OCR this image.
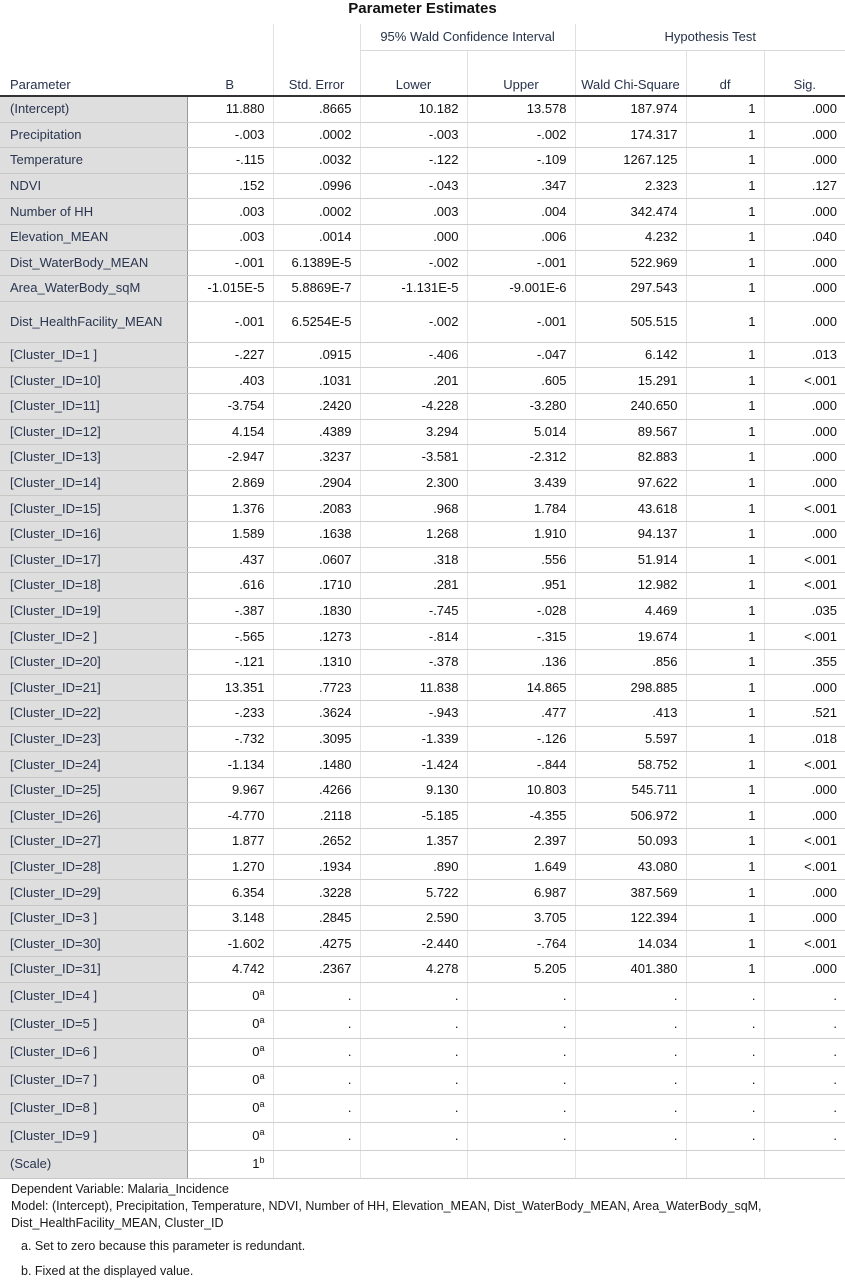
Parameter Estimates
			95% Wald Confidence Interval		Hypothesis Test		
Parameter	B	Std. Error	Lower	Upper	Wald Chi-Square	df	Sig.
(Intercept)	11.880	.8665	10.182	13.578	187.974	1	.000
Precipitation	-.003	.0002	-.003	-.002	174.317	1	.000
Temperature	-.115	.0032	-.122	-.109	1267.125	1	.000
NDVI	.152	.0996	-.043	.347	2.323	1	.127
Number of HH	.003	.0002	.003	.004	342.474	1	.000
Elevation_MEAN	.003	.0014	.000	.006	4.232	1	.040
Dist_WaterBody_MEAN	-.001	6.1389E-5	-.002	-.001	522.969	1	.000
Area_WaterBody_sqM	-1.015E-5	5.8869E-7	-1.131E-5	-9.001E-6	297.543	1	.000
Dist_HealthFacility_MEAN	-.001	6.5254E-5	-.002	-.001	505.515	1	.000
[Cluster_ID=1 ]	-.227	.0915	-.406	-.047	6.142	1	.013
[Cluster_ID=10]	.403	.1031	.201	.605	15.291	1	<.001
[Cluster_ID=11]	-3.754	.2420	-4.228	-3.280	240.650	1	.000
[Cluster_ID=12]	4.154	.4389	3.294	5.014	89.567	1	.000
[Cluster_ID=13]	-2.947	.3237	-3.581	-2.312	82.883	1	.000
[Cluster_ID=14]	2.869	.2904	2.300	3.439	97.622	1	.000
[Cluster_ID=15]	1.376	.2083	.968	1.784	43.618	1	<.001
[Cluster_ID=16]	1.589	.1638	1.268	1.910	94.137	1	.000
[Cluster_ID=17]	.437	.0607	.318	.556	51.914	1	<.001
[Cluster_ID=18]	.616	.1710	.281	.951	12.982	1	<.001
[Cluster_ID=19]	-.387	.1830	-.745	-.028	4.469	1	.035
[Cluster_ID=2 ]	-.565	.1273	-.814	-.315	19.674	1	<.001
[Cluster_ID=20]	-.121	.1310	-.378	.136	.856	1	.355
[Cluster_ID=21]	13.351	.7723	11.838	14.865	298.885	1	.000
[Cluster_ID=22]	-.233	.3624	-.943	.477	.413	1	.521
[Cluster_ID=23]	-.732	.3095	-1.339	-.126	5.597	1	.018
[Cluster_ID=24]	-1.134	.1480	-1.424	-.844	58.752	1	<.001
[Cluster_ID=25]	9.967	.4266	9.130	10.803	545.711	1	.000
[Cluster_ID=26]	-4.770	.2118	-5.185	-4.355	506.972	1	.000
[Cluster_ID=27]	1.877	.2652	1.357	2.397	50.093	1	<.001
[Cluster_ID=28]	1.270	.1934	.890	1.649	43.080	1	<.001
[Cluster_ID=29]	6.354	.3228	5.722	6.987	387.569	1	.000
[Cluster_ID=3 ]	3.148	.2845	2.590	3.705	122.394	1	.000
[Cluster_ID=30]	-1.602	.4275	-2.440	-.764	14.034	1	<.001
[Cluster_ID=31]	4.742	.2367	4.278	5.205	401.380	1	.000
[Cluster_ID=4 ]	0$^a$	.	.	.	.	.	.
[Cluster_ID=5 ]	0$^a$	.	.	.	.	.	.
[Cluster_ID=6 ]	0$^a$	.	.	.	.	.	.
[Cluster_ID=7 ]	0$^a$	.	.	.	.	.	.
[Cluster_ID=8 ]	0$^a$	.	.	.	.	.	.
[Cluster_ID=9 ]	0$^a$	.	.	.	.	.	.
(Scale)	1$^b$						
Dependent Variable: Malaria_Incidence
Model: (Intercept), Precipitation, Temperature, NDVI, Number of HH, Elevation_MEAN, Dist_WaterBody_MEAN, Area_WaterBody_sqM, Dist_HealthFacility_MEAN, Cluster_ID
a. Set to zero because this parameter is redundant.
b. Fixed at the displayed value.
